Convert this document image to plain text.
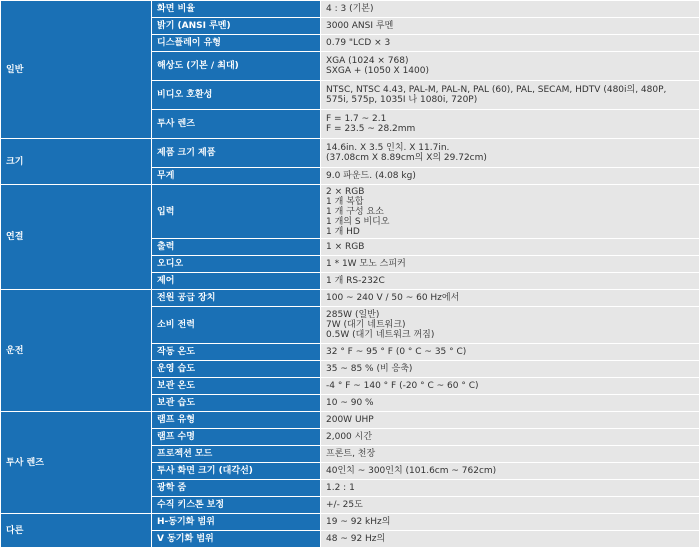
일반	화면 비율	4 : 3 (기본)

	밝기 (ANSI 루멘)	3000 ANSI 루멘

	디스플레이 유형	0.79 "LCD × 3

	해상도 (기본 / 최대)	XGA (1024 × 768)
SXGA + (1050 X 1400)

	비디오 호환성	NTSC, NTSC 4.43, PAL-M, PAL-N, PAL (60), PAL, SECAM, HDTV (480i의, 480P,
575i, 575p, 1035I 나 1080i, 720P)

	투사 렌즈	F = 1.7 ~ 2.1
F = 23.5 ~ 28.2mm

크기	제품 크기 제품	14.6in. X 3.5 인치. X 11.7in.
(37.08cm X 8.89cm의 X의 29.72cm)

	무게	9.0 파운드. (4.08 kg)

연결	입력	2 × RGB
1 개 복합
1 개 구성 요소
1 개의 S 비디오
1 개 HD

	출력	1 × RGB

	오디오	1 * 1W 모노 스피커

	제어	1 개 RS-232C

운전	전원 공급 장치	100 ~ 240 V / 50 ~ 60 Hz에서

	소비 전력	285W (일반)
7W (대기 네트워크)
0.5W (대기 네트워크 꺼짐)

	작동 온도	32 ° F ~ 95 ° F (0 ° C ~ 35 ° C)

	운영 습도	35 ~ 85 % (비 응축)

	보관 온도	-4 ° F ~ 140 ° F (-20 ° C ~ 60 ° C)

	보관 습도	10 ~ 90 %

투사 렌즈	램프 유형	200W UHP

	램프 수명	2,000 시간

	프로젝션 모드	프론트, 천장

	투사 화면 크기 (대각선)	40인치 ~ 300인치 (101.6cm ~ 762cm)

	광학 줌	1.2 : 1

	수직 키스톤 보정	+/- 25도

다른	H-동기화 범위	19 ~ 92 kHz의

	V 동기화 범위	48 ~ 92 Hz의
